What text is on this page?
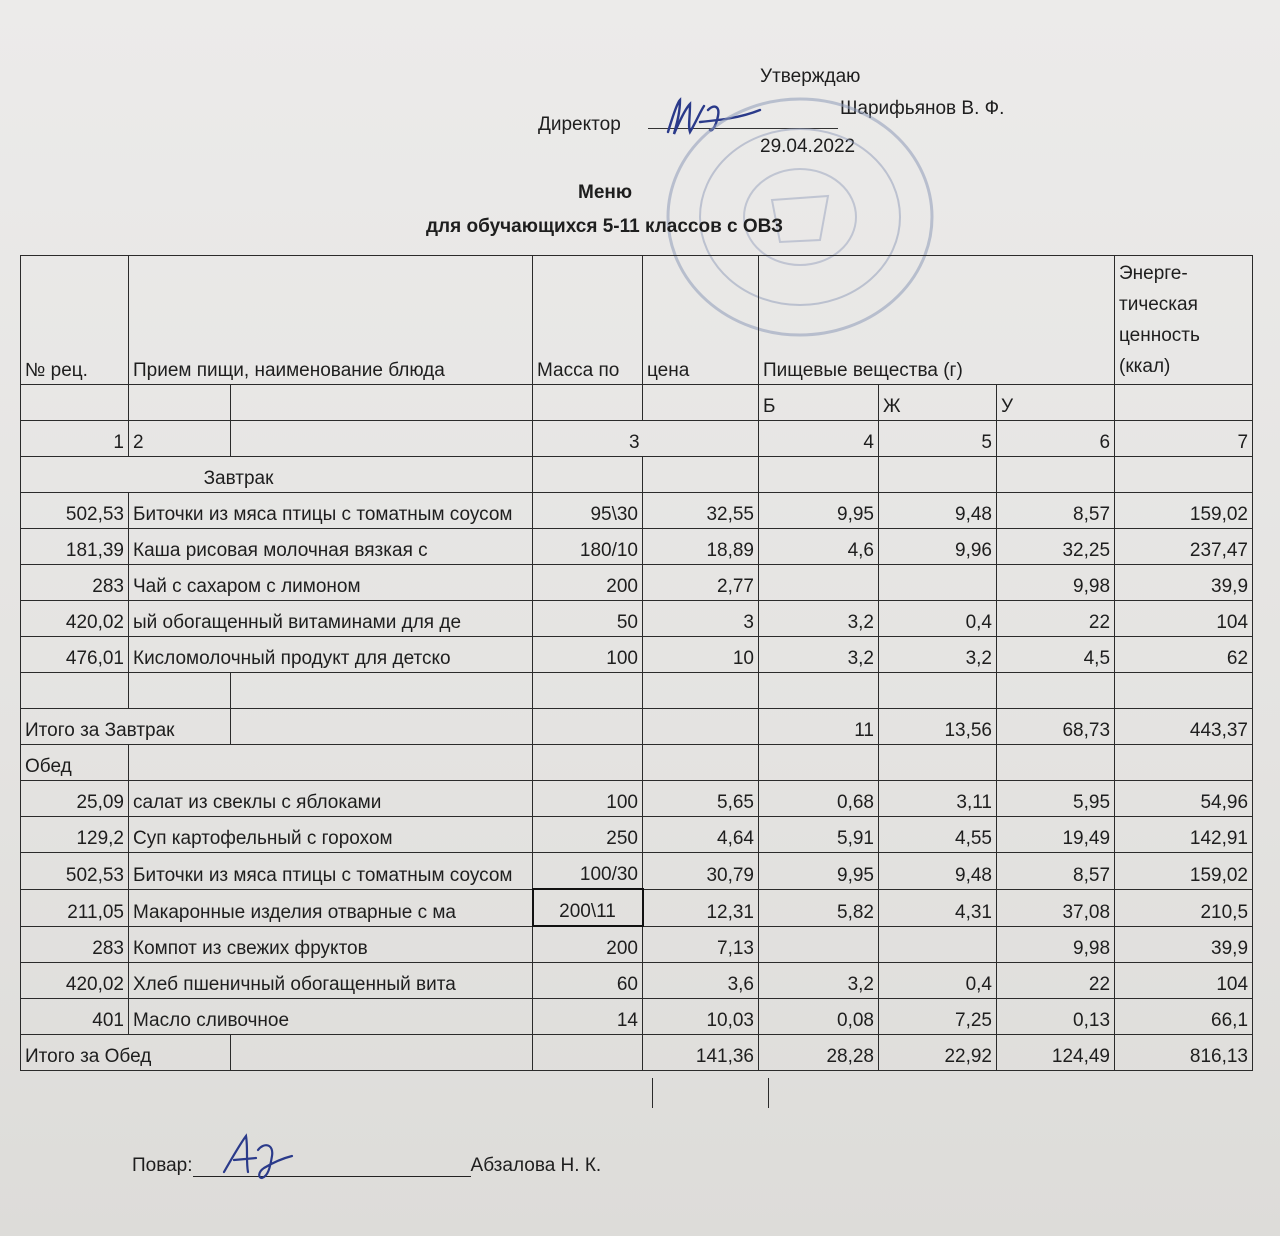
Утверждаю
Директор
Шарифьянов В. Ф.
29.04.2022
Меню
для обучающихся 5-11 классов с ОВЗ
№ рец.	Прием пищи, наименование блюда		Масса по	цена	Пищевые вещества (г)			Энерге-тическая ценность (ккал)
					Б	Ж	У	
1	2		3		4	5	6	7
Завтрак								
502,53	Биточки из мяса птицы с томатным соусом		95\30	32,55	9,95	9,48	8,57	159,02
181,39	Каша рисовая молочная вязкая с		180/10	18,89	4,6	9,96	32,25	237,47
283	Чай с сахаром с лимоном		200	2,77			9,98	39,9
420,02	ый обогащенный витаминами для де		50	3	3,2	0,4	22	104
476,01	Кисломолочный продукт для детско		100	10	3,2	3,2	4,5	62

Итого за Завтрак					11	13,56	68,73	443,37
Обед								
25,09	салат из свеклы с яблоками		100	5,65	0,68	3,11	5,95	54,96
129,2	Суп картофельный с горохом		250	4,64	5,91	4,55	19,49	142,91
502,53	Биточки из мяса птицы с томатным соусом		100/30	30,79	9,95	9,48	8,57	159,02
211,05	Макаронные изделия отварные с ма		200\11	12,31	5,82	4,31	37,08	210,5
283	Компот из свежих фруктов		200	7,13			9,98	39,9
420,02	Хлеб пшеничный обогащенный вита		60	3,6	3,2	0,4	22	104
401	Масло сливочное		14	10,03	0,08	7,25	0,13	66,1
Итого за Обед				141,36	28,28	22,92	124,49	816,13
Повар:	Абзалова Н. К.
